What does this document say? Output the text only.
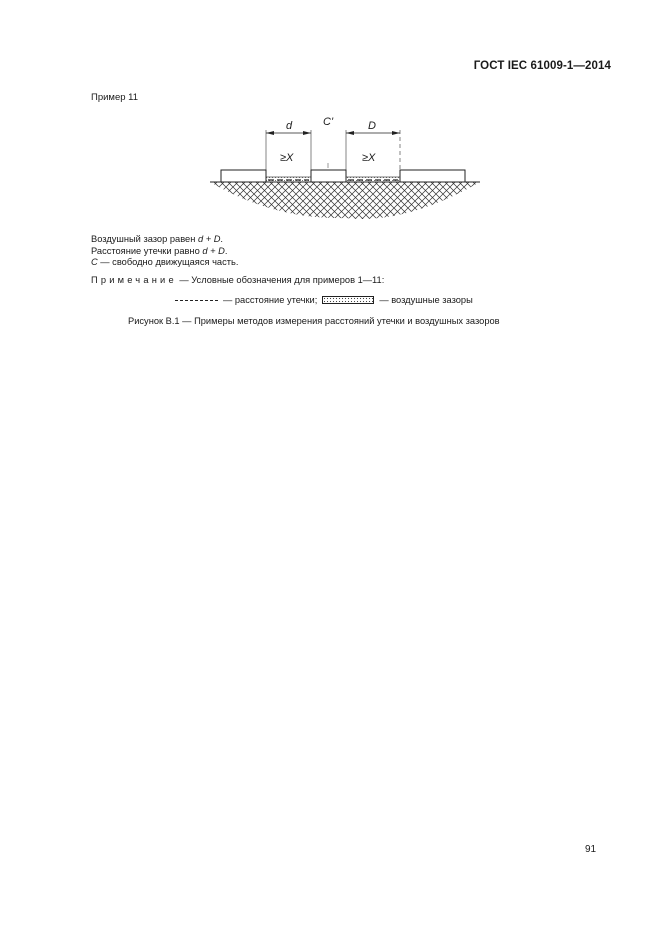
ГОСТ IEC 61009-1—2014
Пример 11
d	C'	D
≥X	≥X
Воздушный зазор равен d + D.
Расстояние утечки равно d + D.
C — свободно движущаяся часть.
Примечание — Условные обозначения для примеров 1—11:
— расстояние утечки;	— воздушные зазоры
Рисунок В.1 — Примеры методов измерения расстояний утечки и воздушных зазоров
91
